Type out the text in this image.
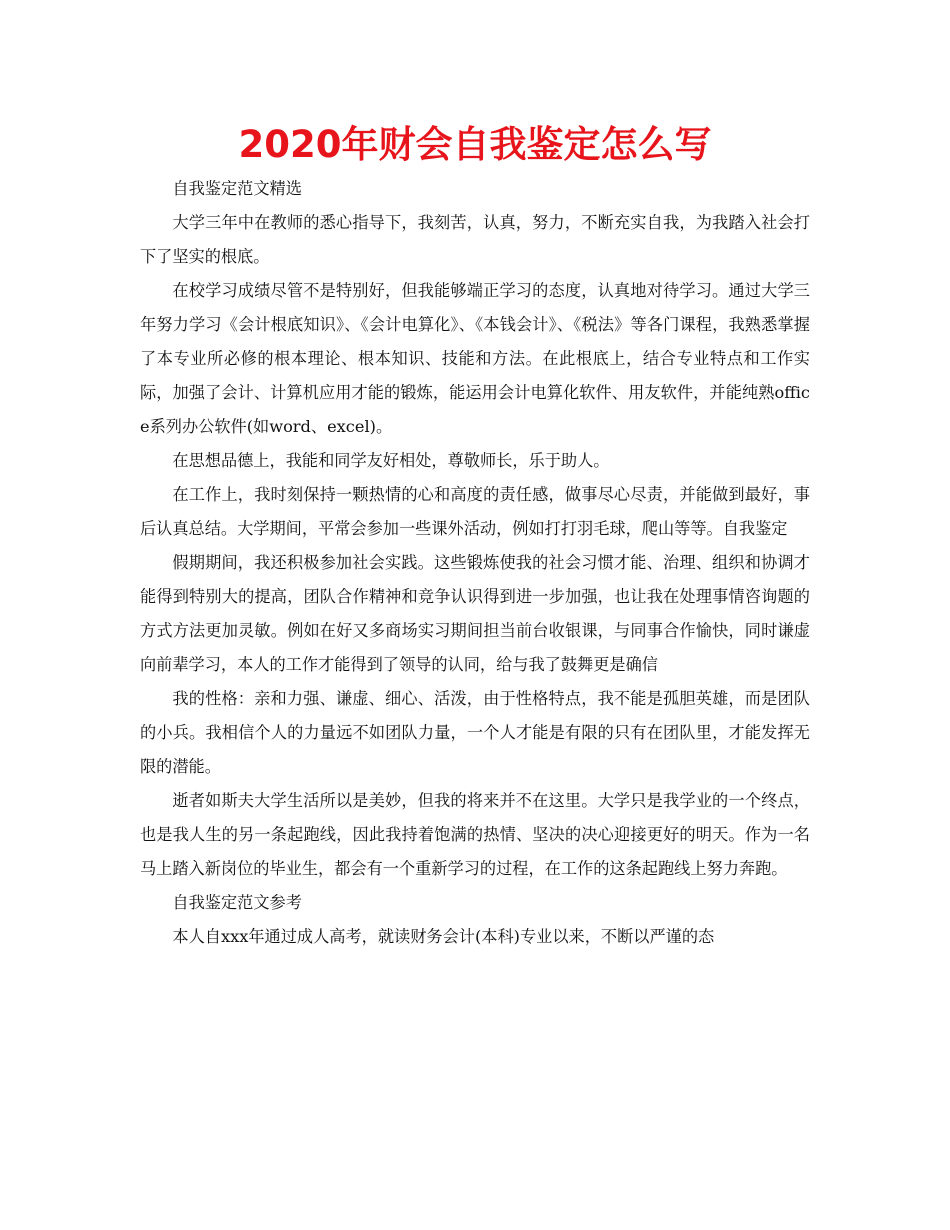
2020年财会自我鉴定怎么写

自我鉴定范文精选

大学三年中在教师的悉心指导下，我刻苦，认真，努力，不断充实自我，为我踏入社会打下了坚实的根底。

在校学习成绩尽管不是特别好，但我能够端正学习的态度，认真地对待学习。通过大学三年努力学习《会计根底知识》、《会计电算化》、《本钱会计》、《税法》等各门课程，我熟悉掌握了本专业所必修的根本理论、根本知识、技能和方法。在此根底上，结合专业特点和工作实际，加强了会计、计算机应用才能的锻炼，能运用会计电算化软件、用友软件，并能纯熟office系列办公软件(如word、excel)。

在思想品德上，我能和同学友好相处，尊敬师长，乐于助人。

在工作上，我时刻保持一颗热情的心和高度的责任感，做事尽心尽责，并能做到最好，事后认真总结。大学期间，平常会参加一些课外活动，例如打打羽毛球，爬山等等。自我鉴定

假期期间，我还积极参加社会实践。这些锻炼使我的社会习惯才能、治理、组织和协调才能得到特别大的提高，团队合作精神和竞争认识得到进一步加强，也让我在处理事情咨询题的方式方法更加灵敏。例如在好又多商场实习期间担当前台收银课，与同事合作愉快，同时谦虚向前辈学习，本人的工作才能得到了领导的认同，给与我了鼓舞更是确信

我的性格：亲和力强、谦虚、细心、活泼，由于性格特点，我不能是孤胆英雄，而是团队的小兵。我相信个人的力量远不如团队力量，一个人才能是有限的只有在团队里，才能发挥无限的潜能。

逝者如斯夫大学生活所以是美妙，但我的将来并不在这里。大学只是我学业的一个终点，也是我人生的另一条起跑线，因此我持着饱满的热情、坚决的决心迎接更好的明天。作为一名马上踏入新岗位的毕业生，都会有一个重新学习的过程，在工作的这条起跑线上努力奔跑。

自我鉴定范文参考

本人自xxx年通过成人高考，就读财务会计(本科)专业以来，不断以严谨的态
